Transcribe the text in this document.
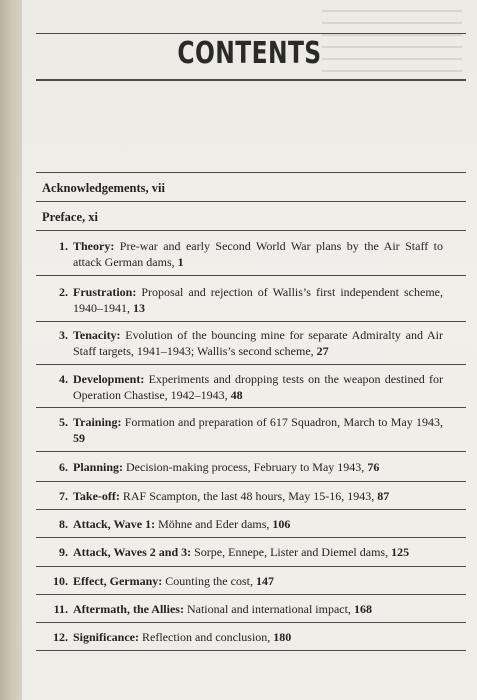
CONTENTS
Acknowledgements, vii
Preface, xi
1. Theory: Pre-war and early Second World War plans by the Air Staff to attack German dams, 1
2. Frustration: Proposal and rejection of Wallis’s first independent scheme, 1940–1941, 13
3. Tenacity: Evolution of the bouncing mine for separate Admiralty and Air Staff targets, 1941–1943; Wallis’s second scheme, 27
4. Development: Experiments and dropping tests on the weapon destined for Operation Chastise, 1942–1943, 48
5. Training: Formation and preparation of 617 Squadron, March to May 1943, 59
6. Planning: Decision-making process, February to May 1943, 76
7. Take-off: RAF Scampton, the last 48 hours, May 15-16, 1943, 87
8. Attack, Wave 1: Möhne and Eder dams, 106
9. Attack, Waves 2 and 3: Sorpe, Ennepe, Lister and Diemel dams, 125
10. Effect, Germany: Counting the cost, 147
11. Aftermath, the Allies: National and international impact, 168
12. Significance: Reflection and conclusion, 180
